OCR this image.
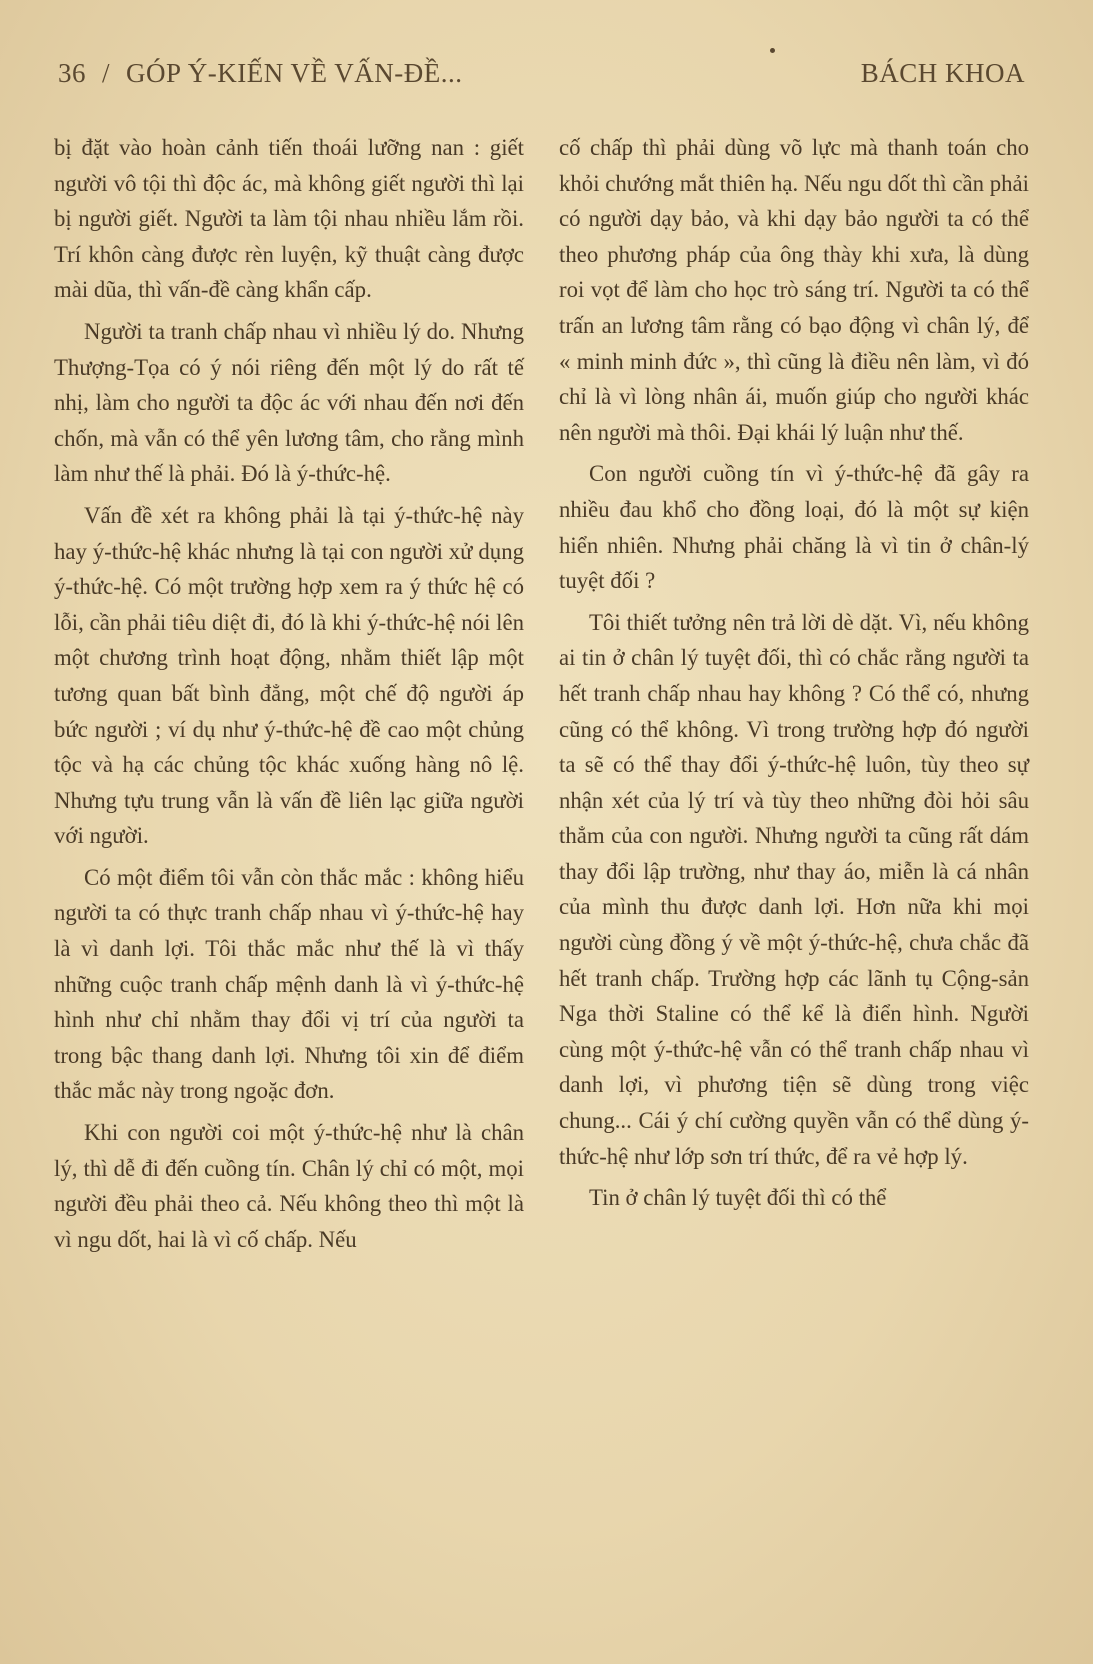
36 / GÓP Ý-KIẾN VỀ VẤN-ĐỀ...	BÁCH KHOA

bị đặt vào hoàn cảnh tiến thoái lưỡng nan : giết người vô tội thì độc ác, mà không giết người thì lại bị người giết. Người ta làm tội nhau nhiều lắm rồi. Trí khôn càng được rèn luyện, kỹ thuật càng được mài dũa, thì vấn-đề càng khẩn cấp.

Người ta tranh chấp nhau vì nhiều lý do. Nhưng Thượng-Tọa có ý nói riêng đến một lý do rất tế nhị, làm cho người ta độc ác với nhau đến nơi đến chốn, mà vẫn có thể yên lương tâm, cho rằng mình làm như thế là phải. Đó là ý-thức-hệ.

Vấn đề xét ra không phải là tại ý-thức-hệ này hay ý-thức-hệ khác nhưng là tại con người xử dụng ý-thức-hệ. Có một trường hợp xem ra ý thức hệ có lỗi, cần phải tiêu diệt đi, đó là khi ý-thức-hệ nói lên một chương trình hoạt động, nhằm thiết lập một tương quan bất bình đẳng, một chế độ người áp bức người ; ví dụ như ý-thức-hệ đề cao một chủng tộc và hạ các chủng tộc khác xuống hàng nô lệ. Nhưng tựu trung vẫn là vấn đề liên lạc giữa người với người.

Có một điểm tôi vẫn còn thắc mắc : không hiểu người ta có thực tranh chấp nhau vì ý-thức-hệ hay là vì danh lợi. Tôi thắc mắc như thế là vì thấy những cuộc tranh chấp mệnh danh là vì ý-thức-hệ hình như chỉ nhằm thay đổi vị trí của người ta trong bậc thang danh lợi. Nhưng tôi xin để điểm thắc mắc này trong ngoặc đơn.

Khi con người coi một ý-thức-hệ như là chân lý, thì dễ đi đến cuồng tín. Chân lý chỉ có một, mọi người đều phải theo cả. Nếu không theo thì một là vì ngu dốt, hai là vì cố chấp. Nếu

cố chấp thì phải dùng võ lực mà thanh toán cho khỏi chướng mắt thiên hạ. Nếu ngu dốt thì cần phải có người dạy bảo, và khi dạy bảo người ta có thể theo phương pháp của ông thày khi xưa, là dùng roi vọt để làm cho học trò sáng trí. Người ta có thể trấn an lương tâm rằng có bạo động vì chân lý, để « minh minh đức », thì cũng là điều nên làm, vì đó chỉ là vì lòng nhân ái, muốn giúp cho người khác nên người mà thôi. Đại khái lý luận như thế.

Con người cuồng tín vì ý-thức-hệ đã gây ra nhiều đau khổ cho đồng loại, đó là một sự kiện hiển nhiên. Nhưng phải chăng là vì tin ở chân-lý tuyệt đối ?

Tôi thiết tưởng nên trả lời dè dặt. Vì, nếu không ai tin ở chân lý tuyệt đối, thì có chắc rằng người ta hết tranh chấp nhau hay không ? Có thể có, nhưng cũng có thể không. Vì trong trường hợp đó người ta sẽ có thể thay đổi ý-thức-hệ luôn, tùy theo sự nhận xét của lý trí và tùy theo những đòi hỏi sâu thẳm của con người. Nhưng người ta cũng rất dám thay đổi lập trường, như thay áo, miễn là cá nhân của mình thu được danh lợi. Hơn nữa khi mọi người cùng đồng ý về một ý-thức-hệ, chưa chắc đã hết tranh chấp. Trường hợp các lãnh tụ Cộng-sản Nga thời Staline có thể kể là điển hình. Người cùng một ý-thức-hệ vẫn có thể tranh chấp nhau vì danh lợi, vì phương tiện sẽ dùng trong việc chung... Cái ý chí cường quyền vẫn có thể dùng ý-thức-hệ như lớp sơn trí thức, để ra vẻ hợp lý.

Tin ở chân lý tuyệt đối thì có thể
